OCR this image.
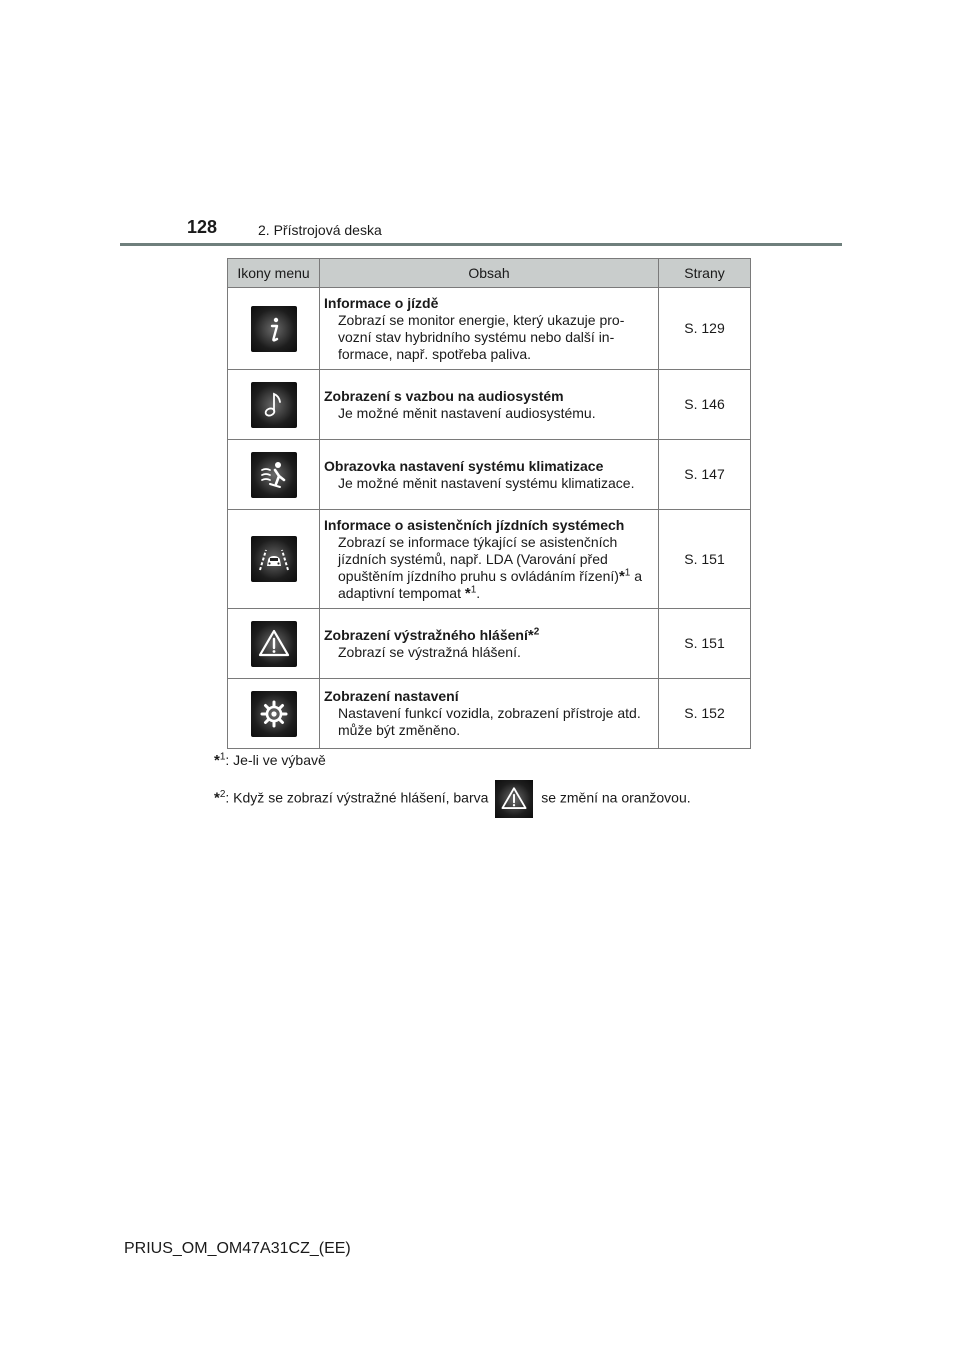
128	2. Přístrojová deska
Ikony menu	Obsah	Strany

Informace o jízdě
Zobrazí se monitor energie, který ukazuje pro-vozní stav hybridního systému nebo další in-formace, např. spotřeba paliva.	S. 129

Zobrazení s vazbou na audiosystém
Je možné měnit nastavení audiosystému.	S. 146

Obrazovka nastavení systému klimatizace
Je možné měnit nastavení systému klimatizace.	S. 147

Informace o asistenčních jízdních systémech
Zobrazí se informace týkající se asistenčních jízdních systémů, např. LDA (Varování před opuštěním jízdního pruhu s ovládáním řízení)*$^1$ a adaptivní tempomat *$^1$.	S. 151

Zobrazení výstražného hlášení*$^2$
Zobrazí se výstražná hlášení.	S. 151

Zobrazení nastavení
Nastavení funkcí vozidla, zobrazení přístroje atd. může být změněno.	S. 152
*$^1$: Je-li ve výbavě
*$^2$: Když se zobrazí výstražné hlášení, barva	se změní na oranžovou.
PRIUS_OM_OM47A31CZ_(EE)
